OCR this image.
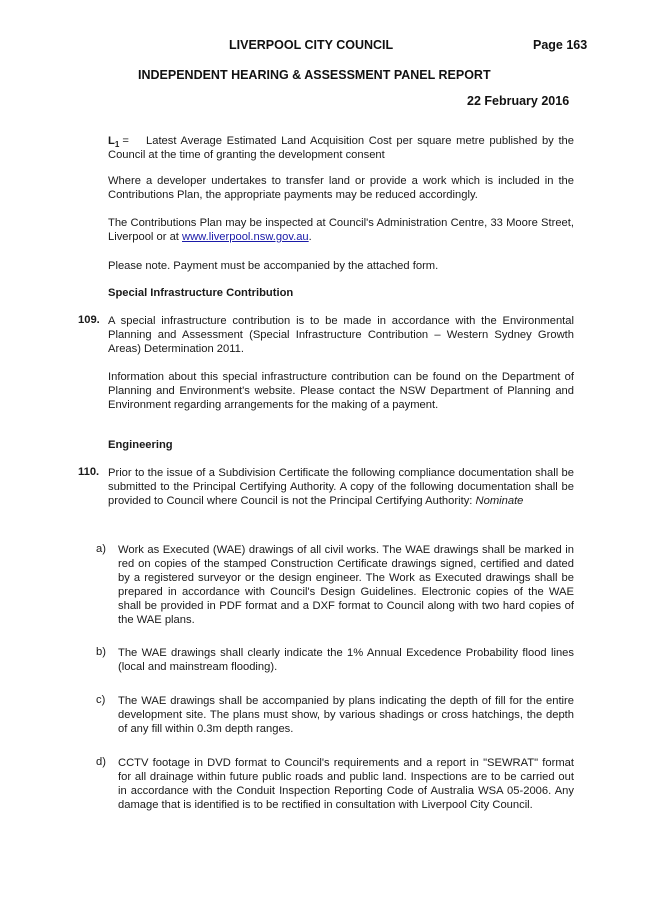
LIVERPOOL CITY COUNCIL	Page 163
INDEPENDENT HEARING & ASSESSMENT PANEL REPORT
22 February 2016
$L_1$ =	Latest Average Estimated Land Acquisition Cost per square metre published by the Council at the time of granting the development consent
Where a developer undertakes to transfer land or provide a work which is included in the Contributions Plan, the appropriate payments may be reduced accordingly.
The Contributions Plan may be inspected at Council's Administration Centre, 33 Moore Street, Liverpool or at www.liverpool.nsw.gov.au.
Please note. Payment must be accompanied by the attached form.
Special Infrastructure Contribution
109. A special infrastructure contribution is to be made in accordance with the Environmental Planning and Assessment (Special Infrastructure Contribution – Western Sydney Growth Areas) Determination 2011.
Information about this special infrastructure contribution can be found on the Department of Planning and Environment's website. Please contact the NSW Department of Planning and Environment regarding arrangements for the making of a payment.
Engineering
110. Prior to the issue of a Subdivision Certificate the following compliance documentation shall be submitted to the Principal Certifying Authority. A copy of the following documentation shall be provided to Council where Council is not the Principal Certifying Authority: Nominate
a) Work as Executed (WAE) drawings of all civil works. The WAE drawings shall be marked in red on copies of the stamped Construction Certificate drawings signed, certified and dated by a registered surveyor or the design engineer. The Work as Executed drawings shall be prepared in accordance with Council's Design Guidelines. Electronic copies of the WAE shall be provided in PDF format and a DXF format to Council along with two hard copies of the WAE plans.
b) The WAE drawings shall clearly indicate the 1% Annual Excedence Probability flood lines (local and mainstream flooding).
c) The WAE drawings shall be accompanied by plans indicating the depth of fill for the entire development site. The plans must show, by various shadings or cross hatchings, the depth of any fill within 0.3m depth ranges.
d) CCTV footage in DVD format to Council's requirements and a report in "SEWRAT" format for all drainage within future public roads and public land. Inspections are to be carried out in accordance with the Conduit Inspection Reporting Code of Australia WSA 05-2006. Any damage that is identified is to be rectified in consultation with Liverpool City Council.
